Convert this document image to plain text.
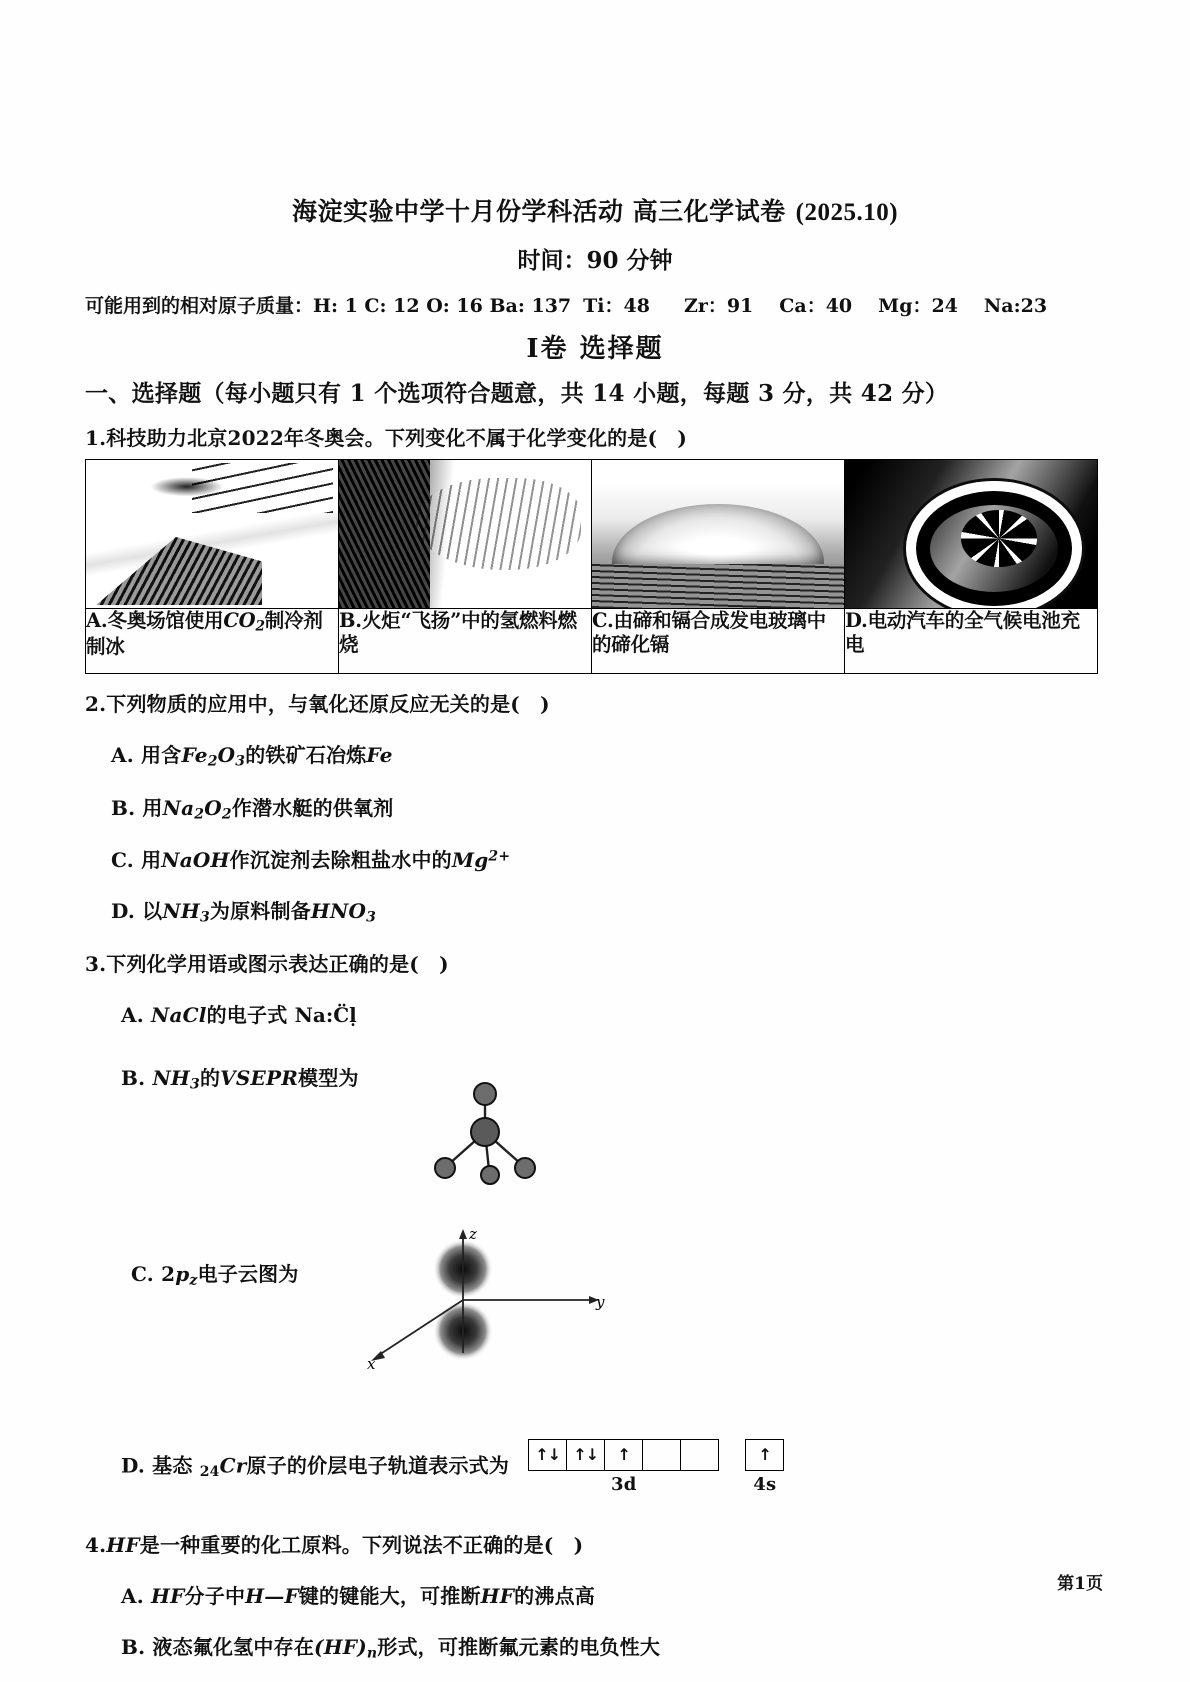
海淀实验中学十月份学科活动 高三化学试卷 (2025.10)
时间：90 分钟
可能用到的相对原子质量：H: 1 C: 12 O: 16 Ba: 137 Ti：48 Zr：91 Ca：40 Mg：24 Na:23
I卷 选择题
一、选择题（每小题只有 1 个选项符合题意，共 14 小题，每题 3 分，共 42 分）
1.科技助力北京2022年冬奥会。下列变化不属于化学变化的是(　)

A.冬奥场馆使用$CO_2$制冷剂制冰	B.火炬“飞扬”中的氢燃料燃烧	C.由碲和镉合成发电玻璃中的碲化镉	D.电动汽车的全气候电池充电
2.下列物质的应用中，与氧化还原反应无关的是(　)
A. 用含$Fe_2O_3$的铁矿石冶炼Fe
B. 用$Na_2O_2$作潜水艇的供氧剂
C. 用NaOH作沉淀剂去除粗盐水中的$Mg^{2+}$
D. 以$NH_3$为原料制备$HNO_3$
3.下列化学用语或图示表达正确的是(　)
A. NaCl的电子式 Na:C̈ḷ
B. $NH_3$的VSEPR模型为
C. $2p_z$电子云图为
z
y
x
D. 基态 $_{24}$Cr原子的价层电子轨道表示式为	↑↓ ↑↓	↑
3d
↑
4s
4.HF是一种重要的化工原料。下列说法不正确的是(　)
A. HF分子中H—F键的键能大，可推断HF的沸点高
B. 液态氟化氢中存在$(HF)_n$形式，可推断氟元素的电负性大
第1页
